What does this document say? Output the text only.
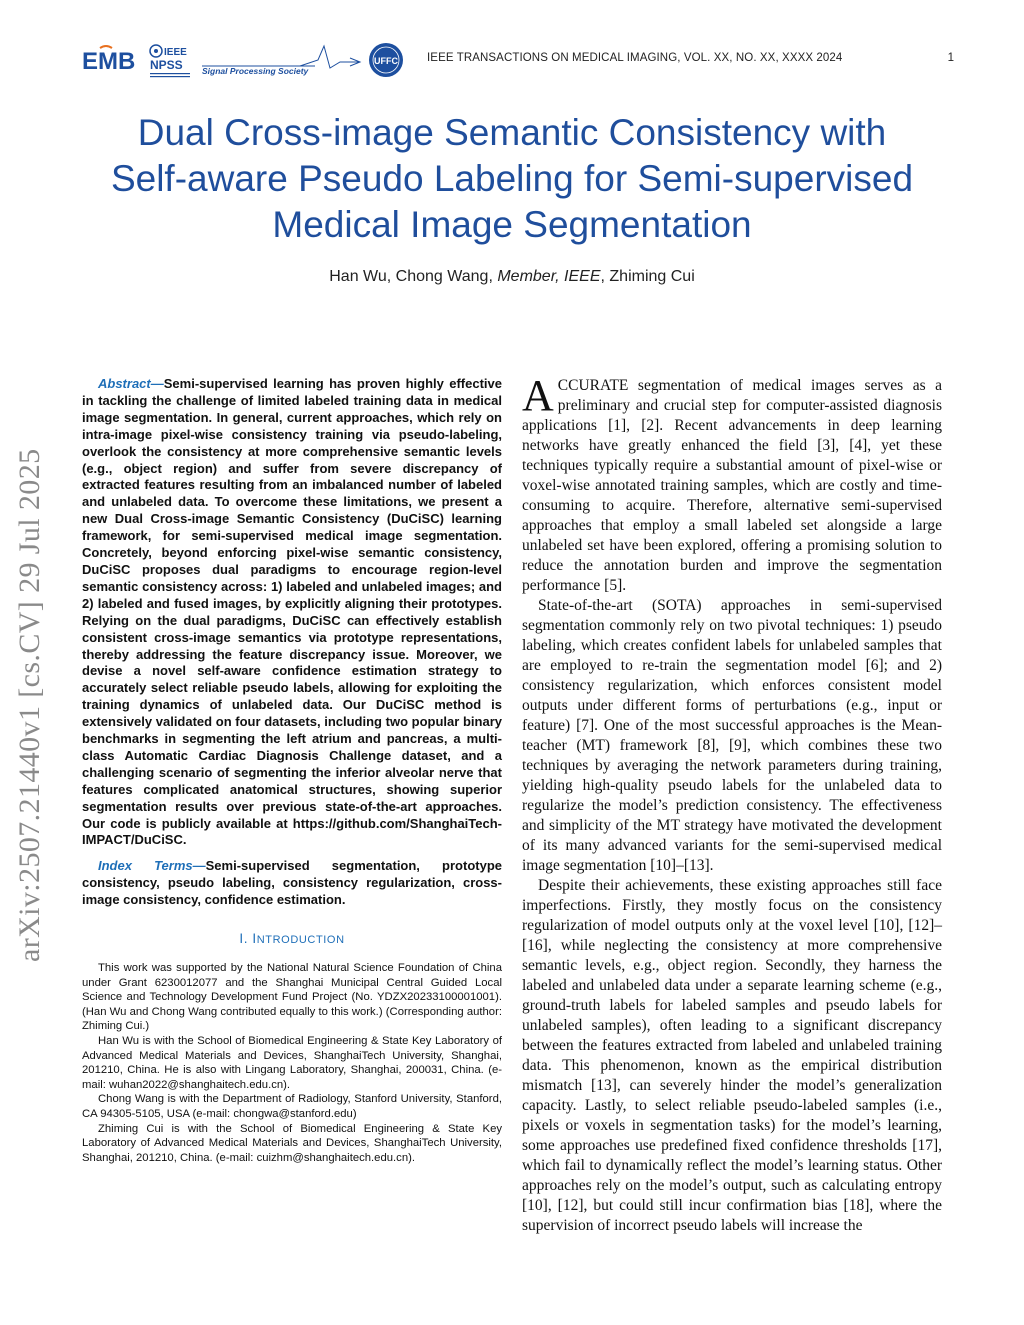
EMB	IEEE
NPSS Signal Processing Society
UFFC	IEEE TRANSACTIONS ON MEDICAL IMAGING, VOL. XX, NO. XX, XXXX 2024	1
arXiv:2507.21440v1 [cs.CV] 29 Jul 2025
Dual Cross-image Semantic Consistency with Self-aware Pseudo Labeling for Semi-supervised Medical Image Segmentation
Han Wu, Chong Wang, Member, IEEE, Zhiming Cui

Abstract—Semi-supervised learning has proven highly effective in tackling the challenge of limited labeled training data in medical image segmentation. In general, current approaches, which rely on intra-image pixel-wise consistency training via pseudo-labeling, overlook the consistency at more comprehensive semantic levels (e.g., object region) and suffer from severe discrepancy of extracted features resulting from an imbalanced number of labeled and unlabeled data. To overcome these limitations, we present a new Dual Cross-image Semantic Consistency (DuCiSC) learning framework, for semi-supervised medical image segmentation. Concretely, beyond enforcing pixel-wise semantic consistency, DuCiSC proposes dual paradigms to encourage region-level semantic consistency across: 1) labeled and unlabeled images; and 2) labeled and fused images, by explicitly aligning their prototypes. Relying on the dual paradigms, DuCiSC can effectively establish consistent cross-image semantics via prototype representations, thereby addressing the feature discrepancy issue. Moreover, we devise a novel self-aware confidence estimation strategy to accurately select reliable pseudo labels, allowing for exploiting the training dynamics of unlabeled data. Our DuCiSC method is extensively validated on four datasets, including two popular binary benchmarks in segmenting the left atrium and pancreas, a multi-class Automatic Cardiac Diagnosis Challenge dataset, and a challenging scenario of segmenting the inferior alveolar nerve that features complicated anatomical structures, showing superior segmentation results over previous state-of-the-art approaches. Our code is publicly available at https://github.com/ShanghaiTech-IMPACT/DuCiSC.

Index Terms—Semi-supervised segmentation, prototype consistency, pseudo labeling, consistency regularization, cross-image consistency, confidence estimation.

I. INTRODUCTION

This work was supported by the National Natural Science Foundation of China under Grant 6230012077 and the Shanghai Municipal Central Guided Local Science and Technology Development Fund Project (No. YDZX20233100001001). (Han Wu and Chong Wang contributed equally to this work.) (Corresponding author: Zhiming Cui.)

Han Wu is with the School of Biomedical Engineering & State Key Laboratory of Advanced Medical Materials and Devices, ShanghaiTech University, Shanghai, 201210, China. He is also with Lingang Laboratory, Shanghai, 200031, China. (e-mail: wuhan2022@shanghaitech.edu.cn).

Chong Wang is with the Department of Radiology, Stanford University, Stanford, CA 94305-5105, USA (e-mail: chongwa@stanford.edu)

Zhiming Cui is with the School of Biomedical Engineering & State Key Laboratory of Advanced Medical Materials and Devices, ShanghaiTech University, Shanghai, 201210, China. (e-mail: cuizhm@shanghaitech.edu.cn).

ACCURATE segmentation of medical images serves as a preliminary and crucial step for computer-assisted diagnosis applications [1], [2]. Recent advancements in deep learning networks have greatly enhanced the field [3], [4], yet these techniques typically require a substantial amount of pixel-wise or voxel-wise annotated training samples, which are costly and time-consuming to acquire. Therefore, alternative semi-supervised approaches that employ a small labeled set alongside a large unlabeled set have been explored, offering a promising solution to reduce the annotation burden and improve the segmentation performance [5].

State-of-the-art (SOTA) approaches in semi-supervised segmentation commonly rely on two pivotal techniques: 1) pseudo labeling, which creates confident labels for unlabeled samples that are employed to re-train the segmentation model [6]; and 2) consistency regularization, which enforces consistent model outputs under different forms of perturbations (e.g., input or feature) [7]. One of the most successful approaches is the Mean-teacher (MT) framework [8], [9], which combines these two techniques by averaging the network parameters during training, yielding high-quality pseudo labels for the unlabeled data to regularize the model’s prediction consistency. The effectiveness and simplicity of the MT strategy have motivated the development of its many advanced variants for the semi-supervised medical image segmentation [10]–[13].

Despite their achievements, these existing approaches still face imperfections. Firstly, they mostly focus on the consistency regularization of model outputs only at the voxel level [10], [12]–[16], while neglecting the consistency at more comprehensive semantic levels, e.g., object region. Secondly, they harness the labeled and unlabeled data under a separate learning scheme (e.g., ground-truth labels for labeled samples and pseudo labels for unlabeled samples), often leading to a significant discrepancy between the features extracted from labeled and unlabeled training data. This phenomenon, known as the empirical distribution mismatch [13], can severely hinder the model’s generalization capacity. Lastly, to select reliable pseudo-labeled samples (i.e., pixels or voxels in segmentation tasks) for the model’s learning, some approaches use predefined fixed confidence thresholds [17], which fail to dynamically reflect the model’s learning status. Other approaches rely on the model’s output, such as calculating entropy [10], [12], but could still incur confirmation bias [18], where the supervision of incorrect pseudo labels will increase the
